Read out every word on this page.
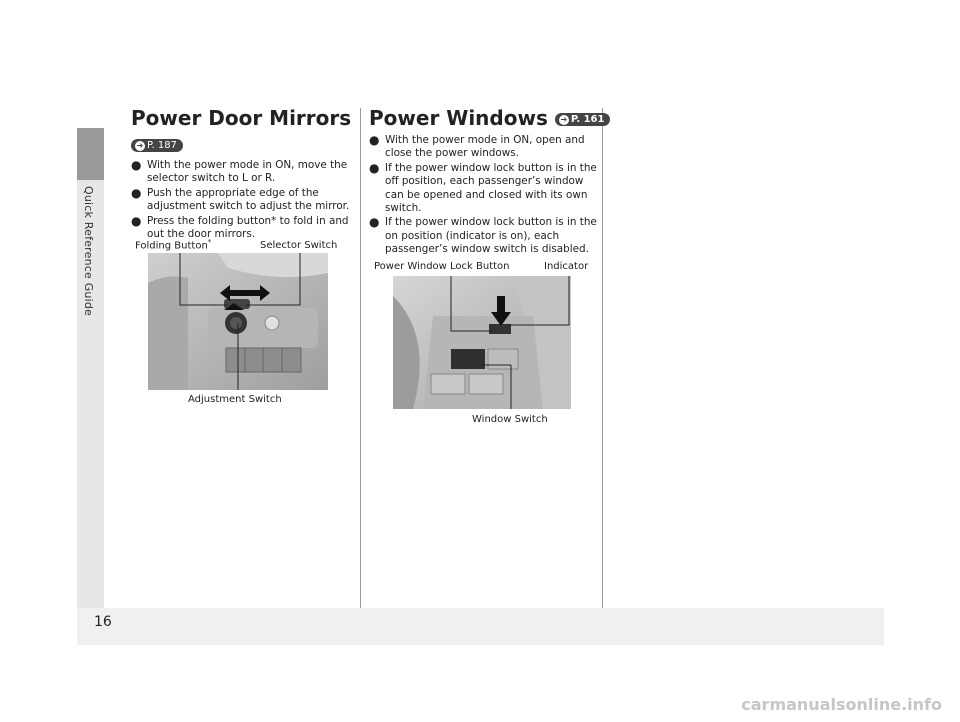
Quick Reference Guide
16
Power Door Mirrors
➔ P. 187
● With the power mode in ON, move the selector switch to L or R.
● Push the appropriate edge of the adjustment switch to adjust the mirror.
● Press the folding button* to fold in and out the door mirrors.
Folding Button*	Selector Switch
Adjustment Switch
Power Windows ➔ P. 161
● With the power mode in ON, open and close the power windows.
● If the power window lock button is in the off position, each passenger’s window can be opened and closed with its own switch.
● If the power window lock button is in the on position (indicator is on), each passenger’s window switch is disabled.
Power Window Lock Button	Indicator
Window Switch
carmanualsonline.info
